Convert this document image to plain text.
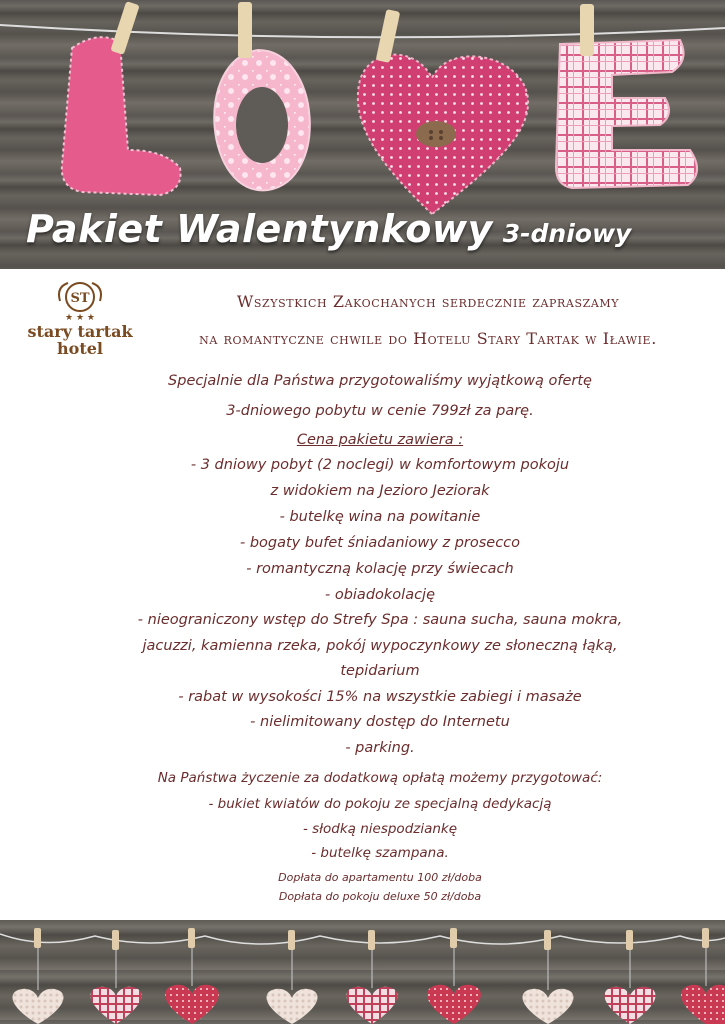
Pakiet Walentynkowy 3-dniowy
ST
★ ★ ★
stary tartak
hotel
Wszystkich Zakochanych serdecznie zapraszamy
na romantyczne chwile do Hotelu Stary Tartak w Iławie.
Specjalnie dla Państwa przygotowaliśmy wyjątkową ofertę
3-dniowego pobytu w cenie 799zł za parę.
Cena pakietu zawiera :
- 3 dniowy pobyt (2 noclegi) w komfortowym pokoju
z widokiem na Jezioro Jeziorak
- butelkę wina na powitanie
- bogaty bufet śniadaniowy z prosecco
- romantyczną kolację przy świecach
- obiadokolację
- nieograniczony wstęp do Strefy Spa : sauna sucha, sauna mokra,
jacuzzi, kamienna rzeka, pokój wypoczynkowy ze słoneczną łąką,
tepidarium
- rabat w wysokości 15% na wszystkie zabiegi i masaże
- nielimitowany dostęp do Internetu
- parking.
Na Państwa życzenie za dodatkową opłatą możemy przygotować:
- bukiet kwiatów do pokoju ze specjalną dedykacją
- słodką niespodziankę
- butelkę szampana.
Dopłata do apartamentu 100 zł/doba
Dopłata do pokoju deluxe 50 zł/doba
